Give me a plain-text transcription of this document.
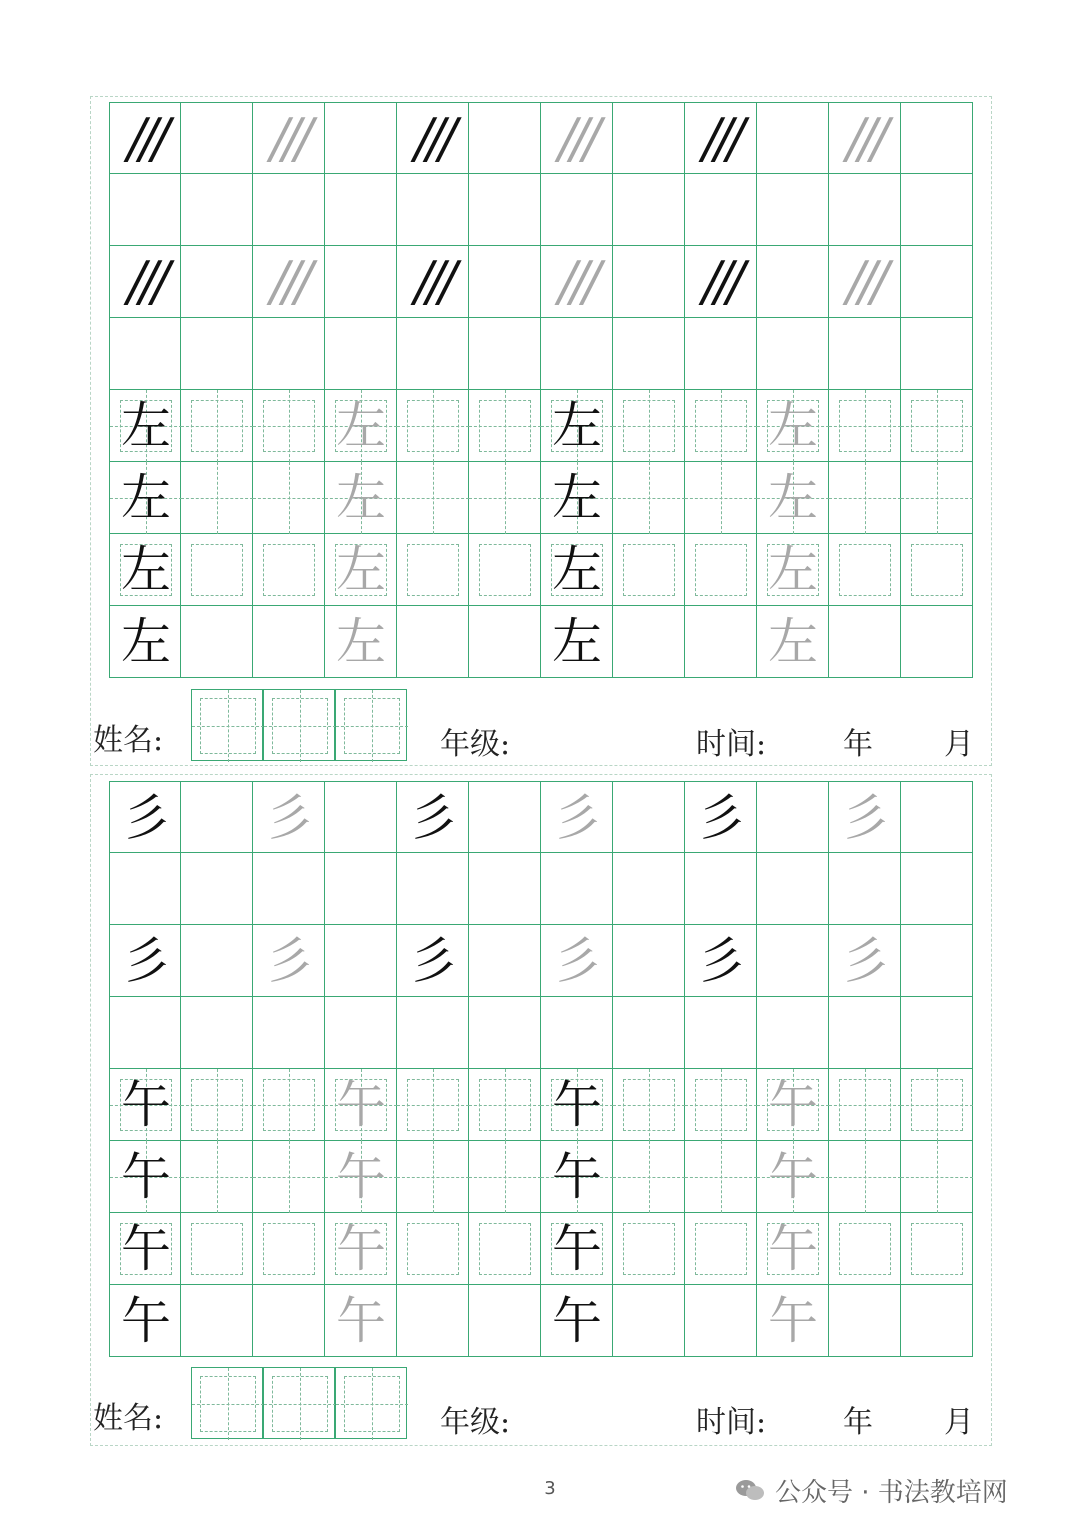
///	///	///	///	///	///
///	///	///	///	///	///
左	左	左	左
左	左	左	左
左	左	左	左
左	左	左	左
彡 彡 彡 彡 彡 彡
彡 彡 彡 彡 彡 彡
午	午	午	午
午	午	午	午
午	午	午	午
午	午	午	午
姓名:	年级:	时间:	年 月
姓名:	年级:	时间:	年 月
3	公众号 · 书法教培网
